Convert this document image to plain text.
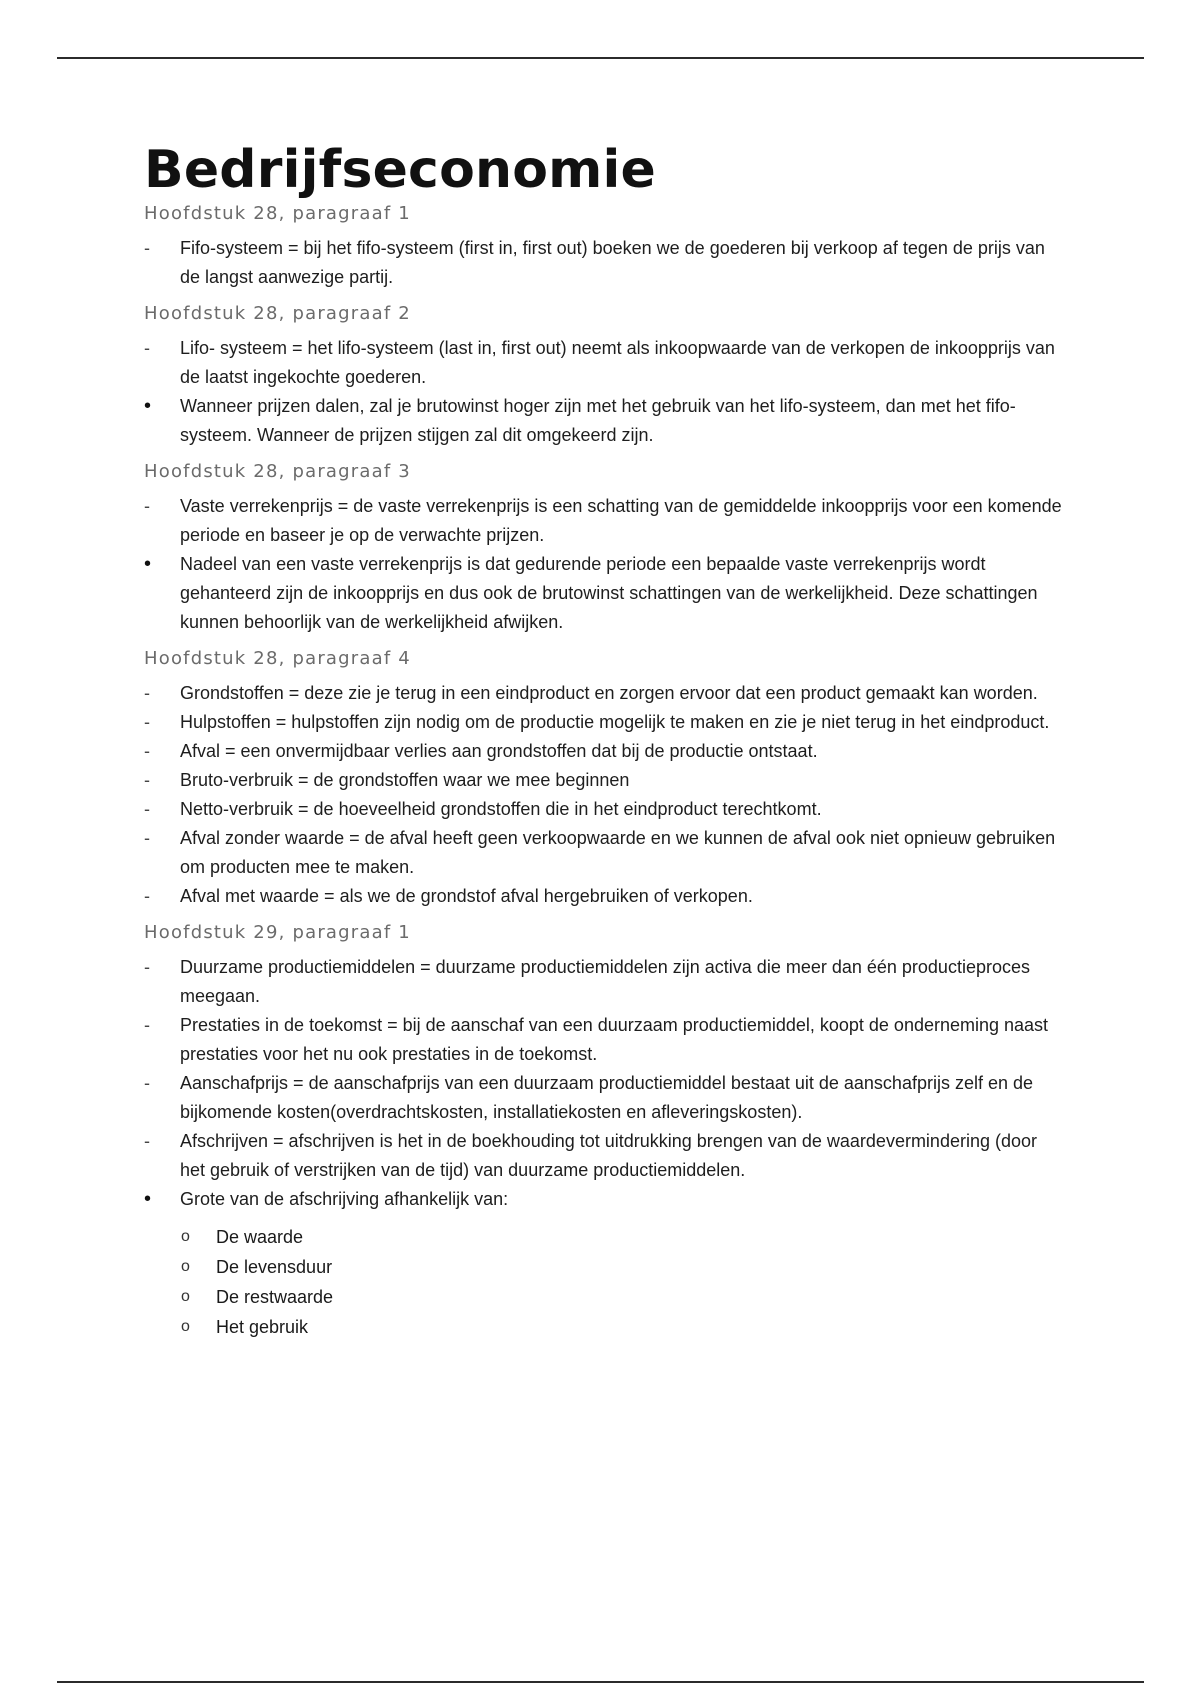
Bedrijfseconomie
Hoofdstuk 28, paragraaf 1
-	Fifo-systeem = bij het fifo-systeem (first in, first out) boeken we de goederen bij verkoop af tegen de prijs van de langst aanwezige partij.
Hoofdstuk 28, paragraaf 2
-	Lifo- systeem = het lifo-systeem (last in, first out) neemt als inkoopwaarde van de verkopen de inkoopprijs van de laatst ingekochte goederen.
•	Wanneer prijzen dalen, zal je brutowinst hoger zijn met het gebruik van het lifo-systeem, dan met het fifo-systeem. Wanneer de prijzen stijgen zal dit omgekeerd zijn.
Hoofdstuk 28, paragraaf 3
-	Vaste verrekenprijs = de vaste verrekenprijs is een schatting van de gemiddelde inkoopprijs voor een komende periode en baseer je op de verwachte prijzen.
•	Nadeel van een vaste verrekenprijs is dat gedurende periode een bepaalde vaste verrekenprijs wordt gehanteerd zijn de inkoopprijs en dus ook de brutowinst schattingen van de werkelijkheid. Deze schattingen kunnen behoorlijk van de werkelijkheid afwijken.
Hoofdstuk 28, paragraaf 4
-	Grondstoffen = deze zie je terug in een eindproduct en zorgen ervoor dat een product gemaakt kan worden.
-	Hulpstoffen = hulpstoffen zijn nodig om de productie mogelijk te maken en zie je niet terug in het eindproduct.
-	Afval = een onvermijdbaar verlies aan grondstoffen dat bij de productie ontstaat.
-	Bruto-verbruik = de grondstoffen waar we mee beginnen
-	Netto-verbruik = de hoeveelheid grondstoffen die in het eindproduct terechtkomt.
-	Afval zonder waarde = de afval heeft geen verkoopwaarde en we kunnen de afval ook niet opnieuw gebruiken om producten mee te maken.
-	Afval met waarde = als we de grondstof afval hergebruiken of verkopen.
Hoofdstuk 29, paragraaf 1
-	Duurzame productiemiddelen = duurzame productiemiddelen zijn activa die meer dan één productieproces meegaan.
-	Prestaties in de toekomst = bij de aanschaf van een duurzaam productiemiddel, koopt de onderneming naast prestaties voor het nu ook prestaties in de toekomst.
-	Aanschafprijs = de aanschafprijs van een duurzaam productiemiddel bestaat uit de aanschafprijs zelf en de bijkomende kosten(overdrachtskosten, installatiekosten en afleveringskosten).
-	Afschrijven = afschrijven is het in de boekhouding tot uitdrukking brengen van de waardevermindering (door het gebruik of verstrijken van de tijd) van duurzame productiemiddelen.
•	Grote van de afschrijving afhankelijk van:
o De waarde
o De levensduur
o De restwaarde
o Het gebruik
